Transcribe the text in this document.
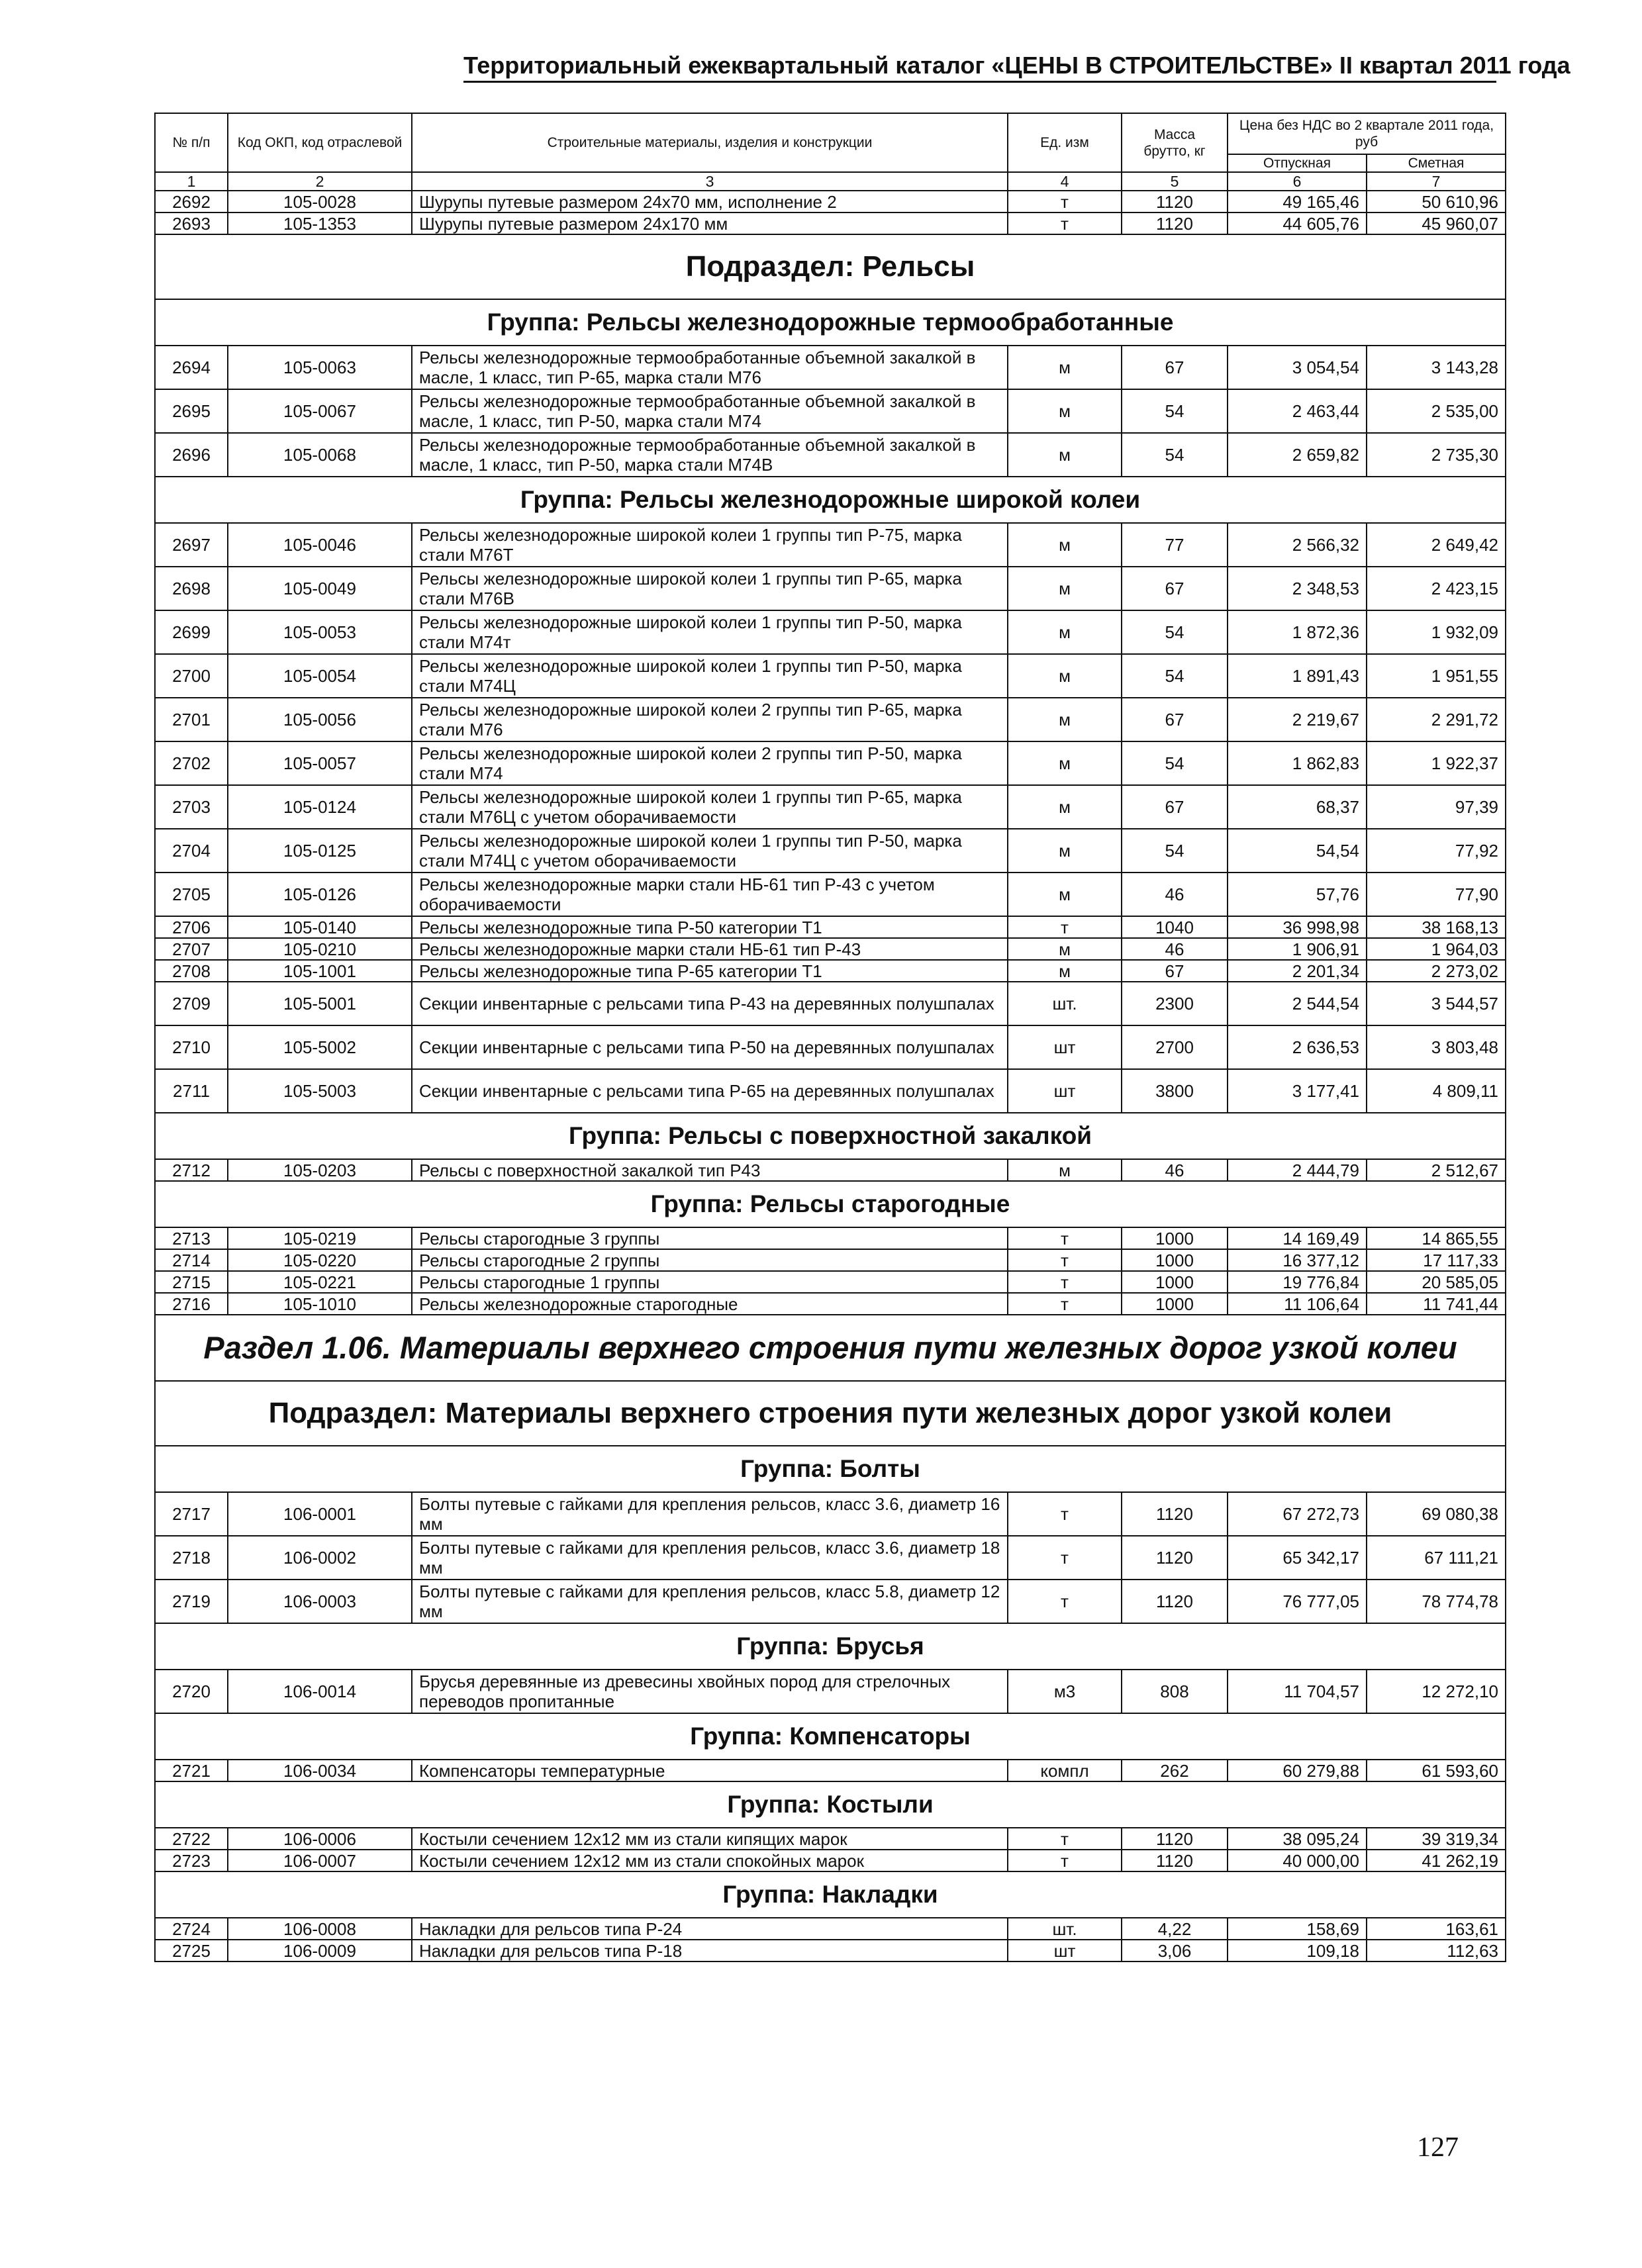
Территориальный ежеквартальный каталог «ЦЕНЫ В СТРОИТЕЛЬСТВЕ» II квартал 2011 года
№ п/п	Код ОКП, код отраслевой	Строительные материалы, изделия и конструкции	Ед. изм	Масса брутто, кг	Цена без НДС во 2 квартале 2011 года, руб	
					Отпускная	Сметная
1	2	3	4	5	6	7
2692	105-0028	Шурупы путевые размером 24х70 мм, исполнение 2	т	1120	49 165,46	50 610,96
2693	105-1353	Шурупы путевые размером 24х170 мм	т	1120	44 605,76	45 960,07
Подраздел: Рельсы						
Группа: Рельсы железнодорожные термообработанные						
2694	105-0063	Рельсы железнодорожные термообработанные объемной закалкой в масле, 1 класс, тип Р-65, марка стали М76	м	67	3 054,54	3 143,28
2695	105-0067	Рельсы железнодорожные термообработанные объемной закалкой в масле, 1 класс, тип Р-50, марка стали М74	м	54	2 463,44	2 535,00
2696	105-0068	Рельсы железнодорожные термообработанные объемной закалкой в масле, 1 класс, тип Р-50, марка стали М74В	м	54	2 659,82	2 735,30
Группа: Рельсы железнодорожные широкой колеи						
2697	105-0046	Рельсы железнодорожные широкой колеи 1 группы тип Р-75, марка стали М76Т	м	77	2 566,32	2 649,42
2698	105-0049	Рельсы железнодорожные широкой колеи 1 группы тип Р-65, марка стали М76В	м	67	2 348,53	2 423,15
2699	105-0053	Рельсы железнодорожные широкой колеи 1 группы тип Р-50, марка стали М74т	м	54	1 872,36	1 932,09
2700	105-0054	Рельсы железнодорожные широкой колеи 1 группы тип Р-50, марка стали М74Ц	м	54	1 891,43	1 951,55
2701	105-0056	Рельсы железнодорожные широкой колеи 2 группы тип Р-65, марка стали М76	м	67	2 219,67	2 291,72
2702	105-0057	Рельсы железнодорожные широкой колеи 2 группы тип Р-50, марка стали М74	м	54	1 862,83	1 922,37
2703	105-0124	Рельсы железнодорожные широкой колеи 1 группы тип Р-65, марка стали М76Ц с учетом оборачиваемости	м	67	68,37	97,39
2704	105-0125	Рельсы железнодорожные широкой колеи 1 группы тип Р-50, марка стали М74Ц с учетом оборачиваемости	м	54	54,54	77,92
2705	105-0126	Рельсы железнодорожные марки стали НБ-61 тип Р-43 с учетом оборачиваемости	м	46	57,76	77,90
2706	105-0140	Рельсы железнодорожные типа Р-50 категории Т1	т	1040	36 998,98	38 168,13
2707	105-0210	Рельсы железнодорожные марки стали НБ-61 тип Р-43	м	46	1 906,91	1 964,03
2708	105-1001	Рельсы железнодорожные типа Р-65 категории Т1	м	67	2 201,34	2 273,02
2709	105-5001	Секции инвентарные с рельсами типа Р-43 на деревянных полушпалах	шт.	2300	2 544,54	3 544,57
2710	105-5002	Секции инвентарные с рельсами типа Р-50 на деревянных полушпалах	шт	2700	2 636,53	3 803,48
2711	105-5003	Секции инвентарные с рельсами типа Р-65 на деревянных полушпалах	шт	3800	3 177,41	4 809,11
Группа: Рельсы с поверхностной закалкой						
2712	105-0203	Рельсы с поверхностной закалкой тип Р43	м	46	2 444,79	2 512,67
Группа: Рельсы старогодные						
2713	105-0219	Рельсы старогодные 3 группы	т	1000	14 169,49	14 865,55
2714	105-0220	Рельсы старогодные 2 группы	т	1000	16 377,12	17 117,33
2715	105-0221	Рельсы старогодные 1 группы	т	1000	19 776,84	20 585,05
2716	105-1010	Рельсы железнодорожные старогодные	т	1000	11 106,64	11 741,44
Раздел 1.06. Материалы верхнего строения пути железных дорог узкой колеи						
Подраздел: Материалы верхнего строения пути железных дорог узкой колеи						
Группа: Болты						
2717	106-0001	Болты путевые с гайками для крепления рельсов, класс 3.6, диаметр 16 мм	т	1120	67 272,73	69 080,38
2718	106-0002	Болты путевые с гайками для крепления рельсов, класс 3.6, диаметр 18 мм	т	1120	65 342,17	67 111,21
2719	106-0003	Болты путевые с гайками для крепления рельсов, класс 5.8, диаметр 12 мм	т	1120	76 777,05	78 774,78
Группа: Брусья						
2720	106-0014	Брусья деревянные из древесины хвойных пород для стрелочных переводов пропитанные	м3	808	11 704,57	12 272,10
Группа: Компенсаторы						
2721	106-0034	Компенсаторы температурные	компл	262	60 279,88	61 593,60
Группа: Костыли						
2722	106-0006	Костыли сечением 12х12 мм из стали кипящих марок	т	1120	38 095,24	39 319,34
2723	106-0007	Костыли сечением 12х12 мм из стали спокойных марок	т	1120	40 000,00	41 262,19
Группа: Накладки						
2724	106-0008	Накладки для рельсов типа Р-24	шт.	4,22	158,69	163,61
2725	106-0009	Накладки для рельсов типа Р-18	шт	3,06	109,18	112,63
127
